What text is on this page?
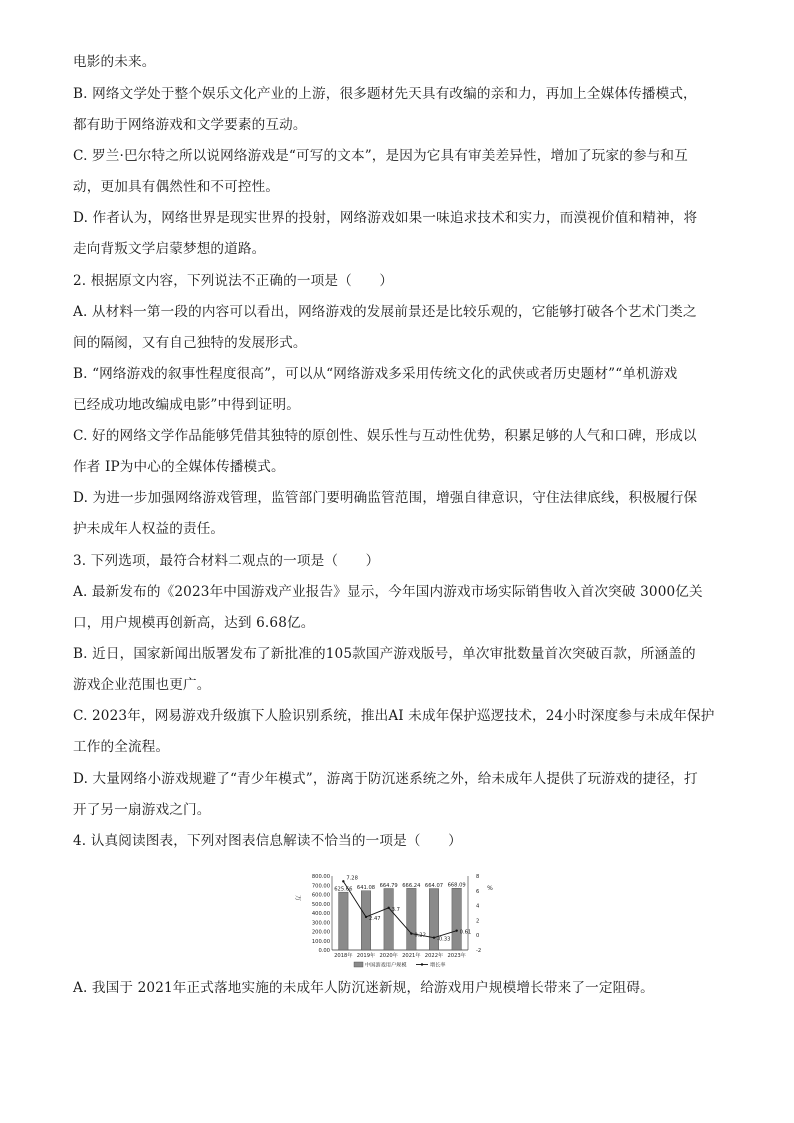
电影的未来。
B. 网络文学处于整个娱乐文化产业的上游，很多题材先天具有改编的亲和力，再加上全媒体传播模式，
都有助于网络游戏和文学要素的互动。
C. 罗兰·巴尔特之所以说网络游戏是“可写的文本”，是因为它具有审美差异性，增加了玩家的参与和互
动，更加具有偶然性和不可控性。
D. 作者认为，网络世界是现实世界的投射，网络游戏如果一味追求技术和实力，而漠视价值和精神，将
走向背叛文学启蒙梦想的道路。
2. 根据原文内容，下列说法不正确的一项是（　　）
A. 从材料一第一段的内容可以看出，网络游戏的发展前景还是比较乐观的，它能够打破各个艺术门类之
间的隔阂，又有自己独特的发展形式。
B. “网络游戏的叙事性程度很高”，可以从“网络游戏多采用传统文化的武侠或者历史题材”“单机游戏
已经成功地改编成电影”中得到证明。
C. 好的网络文学作品能够凭借其独特的原创性、娱乐性与互动性优势，积累足够的人气和口碑，形成以
作者 IP为中心的全媒体传播模式。
D. 为进一步加强网络游戏管理，监管部门要明确监管范围，增强自律意识，守住法律底线，积极履行保
护未成年人权益的责任。
3. 下列选项，最符合材料二观点的一项是（　　）
A. 最新发布的《2023年中国游戏产业报告》显示，今年国内游戏市场实际销售收入首次突破 3000亿关
口，用户规模再创新高，达到 6.68亿。
B. 近日，国家新闻出版署发布了新批准的105款国产游戏版号，单次审批数量首次突破百款，所涵盖的
游戏企业范围也更广。
C. 2023年，网易游戏升级旗下人脸识别系统，推出AI 未成年保护巡逻技术，24小时深度参与未成年保护
工作的全流程。
D. 大量网络小游戏规避了“青少年模式”，游离于防沉迷系统之外，给未成年人提供了玩游戏的捷径，打
开了另一扇游戏之门。
4. 认真阅读图表，下列对图表信息解读不恰当的一项是（　　）
A. 我国于 2021年正式落地实施的未成年人防沉迷新规，给游戏用户规模增长带来了一定阻碍。
800.00
700.00
600.00
500.00
400.00
300.00
200.00
100.00
0.00
8
6
4
2
0
-2
万
%
625.66
2018年
641.08
2019年
664.79
2020年
666.24
2021年
664.07
2022年
668.09
2023年
7.28
2.47
3.7
0.22
-0.33
0.61
中国游戏用户规模	增长率
